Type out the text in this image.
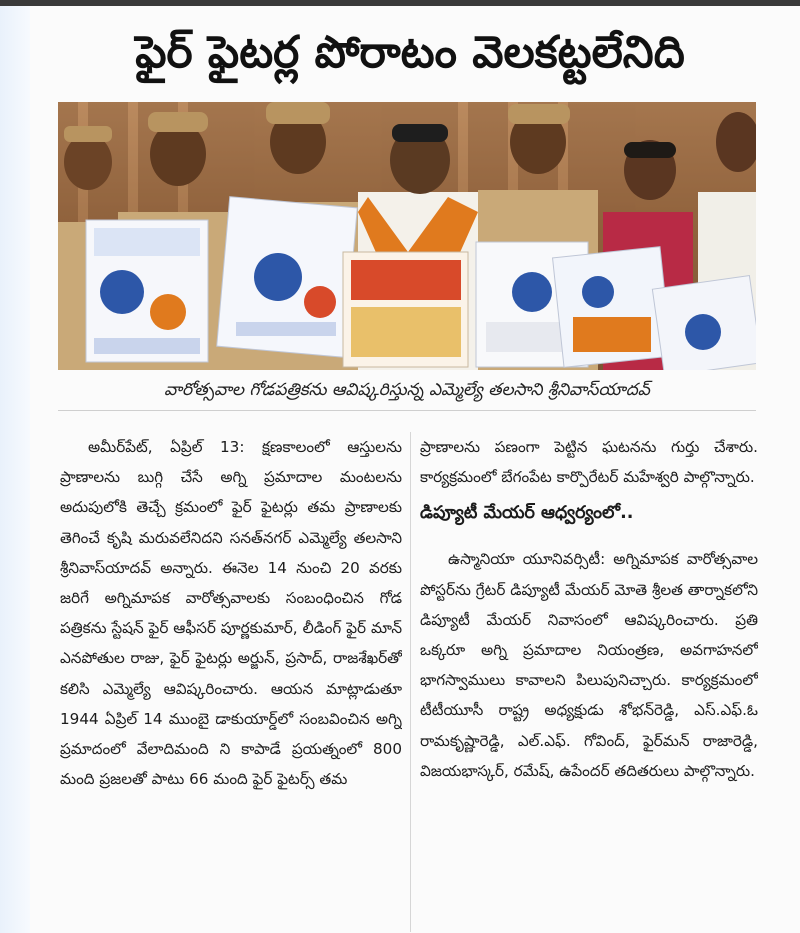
ఫైర్ ఫైటర్ల పోరాటం వెలకట్టలేనిది
వారోత్సవాల గోడపత్రికను ఆవిష్కరిస్తున్న ఎమ్మెల్యే తలసాని శ్రీనివాస్‌యాదవ్

అమీర్‌పేట్‌, ఏప్రిల్‌ 13: క్షణకాలంలో ఆస్తులను ప్రాణాలను బుగ్గి చేసే అగ్ని ప్రమాదాల మంటలను అదుపులోకి తెచ్చే క్రమంలో ఫైర్‌ ఫైటర్లు తమ ప్రాణాలకు తెగించే కృషి మరువలేనిదని సనత్‌నగర్‌ ఎమ్మెల్యే తలసాని శ్రీనివాస్‌యాదవ్‌ అన్నారు. ఈనెల 14 నుంచి 20 వరకు జరిగే అగ్నిమాపక వారోత్సవాలకు సంబంధించిన గోడ పత్రికను స్టేషన్‌ ఫైర్‌ ఆఫీసర్‌ పూర్ణకుమార్‌, లీడింగ్‌ ఫైర్‌ మాన్‌ ఎనపోతుల రాజు, ఫైర్‌ ఫైటర్లు అర్జున్‌, ప్రసాద్‌, రాజశేఖర్‌తో కలిసి ఎమ్మెల్యే ఆవిష్కరించారు. ఆయన మాట్లాడుతూ 1944 ఏప్రిల్‌ 14 ముంబై డాకుయార్డ్‌లో సంబవించిన అగ్ని ప్రమాదంలో వేలాదిమంది ని కాపాడే ప్రయత్నంలో 800 మంది ప్రజలతో పాటు 66 మంది ఫైర్‌ ఫైటర్స్‌ తమ

ప్రాణాలను పణంగా పెట్టిన ఘటనను గుర్తు చేశారు. కార్యక్రమంలో బేగంపేట కార్పొరేటర్‌ మహేశ్వరి పాల్గొన్నారు.

డిప్యూటీ మేయర్‌ ఆధ్వర్యంలో..

ఉస్మానియా యూనివర్సిటీ: అగ్నిమాపక వారోత్సవాల పోస్టర్‌ను గ్రేటర్‌ డిప్యూటీ మేయర్‌ మోతె శ్రీలత తార్నాకలోని డిప్యూటీ మేయర్‌ నివాసంలో ఆవిష్కరించారు. ప్రతి ఒక్కరూ అగ్ని ప్రమాదాల నియంత్రణ, అవగాహనలో భాగస్వాములు కావాలని పిలుపునిచ్చారు. కార్యక్రమంలో టీటీయూసీ రాష్ట్ర అధ్యక్షుడు శోభన్‌రెడ్డి, ఎస్‌.ఎఫ్‌.ఓ రామకృష్ణారెడ్డి, ఎల్‌.ఎఫ్‌. గోవింద్‌, ఫైర్‌మన్‌ రాజారెడ్డి, విజయభాస్కర్‌, రమేష్‌, ఉపేందర్‌ తదితరులు పాల్గొన్నారు.
